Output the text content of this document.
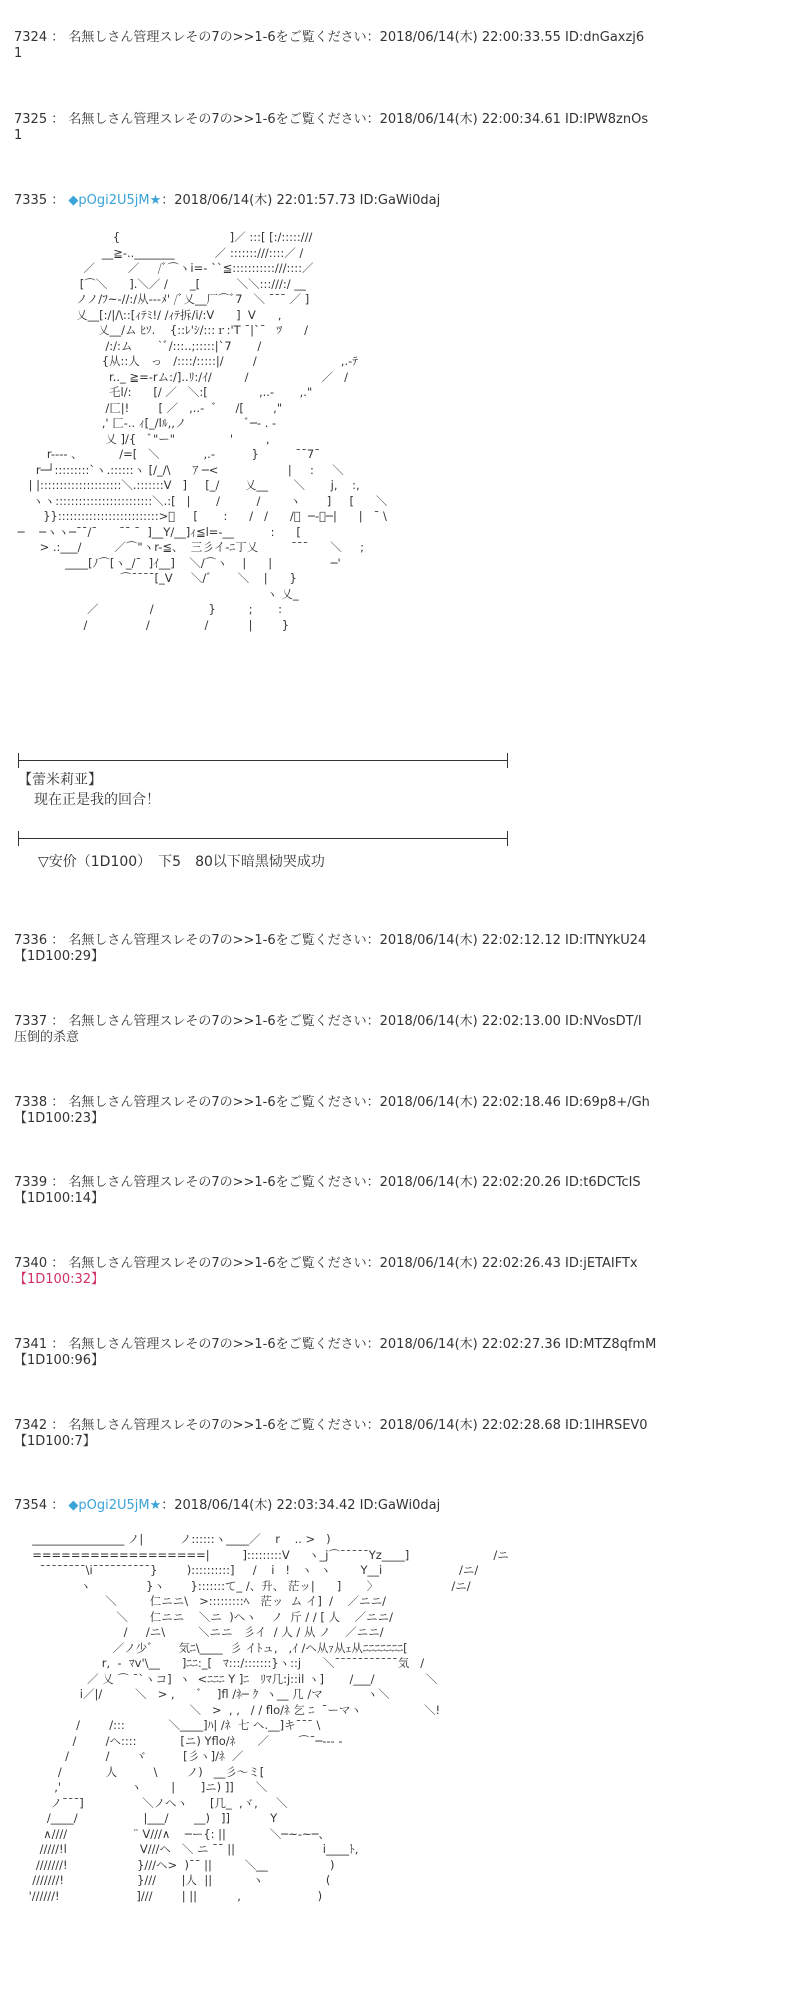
7324 ： 名無しさん管理スレその7の>>1-6をご覧ください：2018/06/14(木) 22:00:33.55 ID:dnGaxzj6
1
7325 ： 名無しさん管理スレその7の>>1-6をご覧ください：2018/06/14(木) 22:00:34.61 ID:IPW8znOs
1
7335 ： ◆pOgi2U5jM★：2018/06/14(木) 22:01:57.73 ID:GaWi0daj
{                              ]／ :::[ [:/:::::///
__≧-.._______           ／ :::::::///::::／ /
／         ／     /ﾞ⌒ヽi=‐ ``≦:::::::::::///::::／
[⌒＼      ].＼／ /      _[          ＼＼:::///:/ __
ノノ/ﾌ~-//:/从---ﾒ' /ﾞ乂__厂⌒ﾞ7   ＼ ¯¯¯ ／ ]
乂__[:/|/\::[ｨﾃﾐ!/ /ｨﾃ拆/i/:V      ]  V      ,
乂__/ム ﾋｿ.    {::ﾚ'ｼ/:::ｒ:'T ¯|`¯   ﾂ      /
/:/:ム       `ﾞ/:::..;:::::|`7       /
{从::人   っ   /::::/:::::|/        /                       ,.-ﾃ
r.._ ≧=-rム:/]..ﾘ:/ｲ/         /                    ／   /
乇l/:      [/ ／   ＼:[              ,..-       ,."
/匚|!        [ ／   ,..-  ﾞ     /[        ,"
,' 匚-.. ｨ[_/lﾙ,,ノ                ﾞ─- . -
乂 ]/{   ﾞ"ー"               '         ,
r---- 、          /=[   ＼            ,.-          }          ¯¯7¯
r─┘:::::::::`ヽ.::::::ヽ [/_/\      ｱ ─<                   |     :     ＼
| |:::::::::::::::::::::＼.:::::::V   ]     [_/       乂__       ＼       j,    :,
ヽヽ:::::::::::::::::::::::::＼.:[   |       /          /        ヽ       ]     [      ＼
}}::::::::::::::::::::::::::>ﾞ     [       :      /   /      /ﾞ  ─-ﾞ─|      |   ¯ \
─    ─ヽヽ─¯¯/¯      ¯¯ ¯  ]__Y/__]ｨ≦l=-__          :      [
> .:___/         ／⌒"ヽr-≦、  三彡イ-ﾆ丁乂         ¯¯¯      ＼     ;
____[ﾉ⌒[ヽ_/¯  ]ｲ__]    ＼/⌒ヽ    |      |                ─'
⌒¯¯¯¯[_V     ＼/ﾞ       ＼    |      }
ヽ 乂_
／              /               }         ;       :
/                /               /           |        }
【蕾米莉亚】
现在正是我的回合！
▽安价（1D100）　下5　80以下暗黑恸哭成功
7336 ： 名無しさん管理スレその7の>>1-6をご覧ください：2018/06/14(木) 22:02:12.12 ID:ITNYkU24
【1D100:29】
7337 ： 名無しさん管理スレその7の>>1-6をご覧ください：2018/06/14(木) 22:02:13.00 ID:NVosDT/I
压倒的杀意
7338 ： 名無しさん管理スレその7の>>1-6をご覧ください：2018/06/14(木) 22:02:18.46 ID:69p8+/Gh
【1D100:23】
7339 ： 名無しさん管理スレその7の>>1-6をご覧ください：2018/06/14(木) 22:02:20.26 ID:t6DCTcIS
【1D100:14】
7340 ： 名無しさん管理スレその7の>>1-6をご覧ください：2018/06/14(木) 22:02:26.43 ID:jETAIFTx
【1D100:32】
7341 ： 名無しさん管理スレその7の>>1-6をご覧ください：2018/06/14(木) 22:02:27.36 ID:MTZ8qfmM
【1D100:96】
7342 ： 名無しさん管理スレその7の>>1-6をご覧ください：2018/06/14(木) 22:02:28.68 ID:1lHRSEV0
【1D100:7】
7354 ： ◆pOgi2U5jM★：2018/06/14(木) 22:03:34.42 ID:GaWi0daj
________________ ノ|          ノ::::::ヽ____／    r    .. >   )
==================|         ]:::::::::V     ヽ_j⌒¯¯¯¯¯Yz____]                       /ニ
¯¯¯¯¯¯¯¯\i¯¯¯¯¯¯¯¯¯¯}        )::::::::::]     /    i   !   ヽ  ヽ        Y__i                     /ニ/
ヽ               }ヽ       }:::::::て_ /、升、 茫ッ|      ]       〉                    /ニ/
＼         仁ニニ\   >:::::::::ﾍ   茫ッ  ム イ]  /    ／ニニ/
＼      仁ニニ    ＼ニ  )ヘヽ    ノ  斤 / / [ 人    ／ニニ/
/     /ニ\         ＼ニニ   彡イ  / 人 / 从 ノ    ／ニニ/
／ノ少ﾞ       気ﾆ\____  彡 イﾄュ,   ,ｲ /ヘ从ｧ从ｪ从ﾆﾆﾆﾆﾆﾆﾆ[
r,  -  ﾏv'\__      ]ﾆﾆ:_[   ﾏ:::/:::::::}ヽ::j      ＼¯¯¯¯¯¯¯¯¯¯¯気   /
／ 乂 ⌒ ¯`ヽコ]  ヽ  <ﾆﾆﾆ Y ]ﾆ   ﾘﾏ几:j::il ヽ]       /___/              ＼
i／|/         ＼   > ,      ﾞ    ]fl /ﾈ─ ｸ  ヽ__ 几 /マ            ヽ＼
＼   >  , ,   / / flo/ﾈ 乞 ﾆ  ¯ーマヽ                 ＼!
/        /:::            ＼____]ﾊ| /ﾈ  七 へ.__]キ¯¯¯ \
/        /ヘ::::            [ニ) Yflo/ﾈ      ／        ⌒¯─--- -
/          /       ヾ          [彡ヽ]/ﾈ  ／
/            人          \        ノ)   __彡～ミ[
,'                   ヽ        |       ]ニ) ]]      ＼
ノ¯¯¯]                ＼ノへヽ      [几_  ,ヾ,     ＼
/____/                  |___/       __)   ]]           Y
∧////                  ¨ V///∧    ─ー{: ||            ＼─~-~─、
/////!l                    V///ヘ   ＼ ニ ¯¯ ||                        i____ﾄ,
///////!                   }///ヘ>  )¯¯ ||         ＼__                 )
///////!                    }///       |人  ||           ヽ                 (
'//////!                     ]///        | ||           ,                     )
